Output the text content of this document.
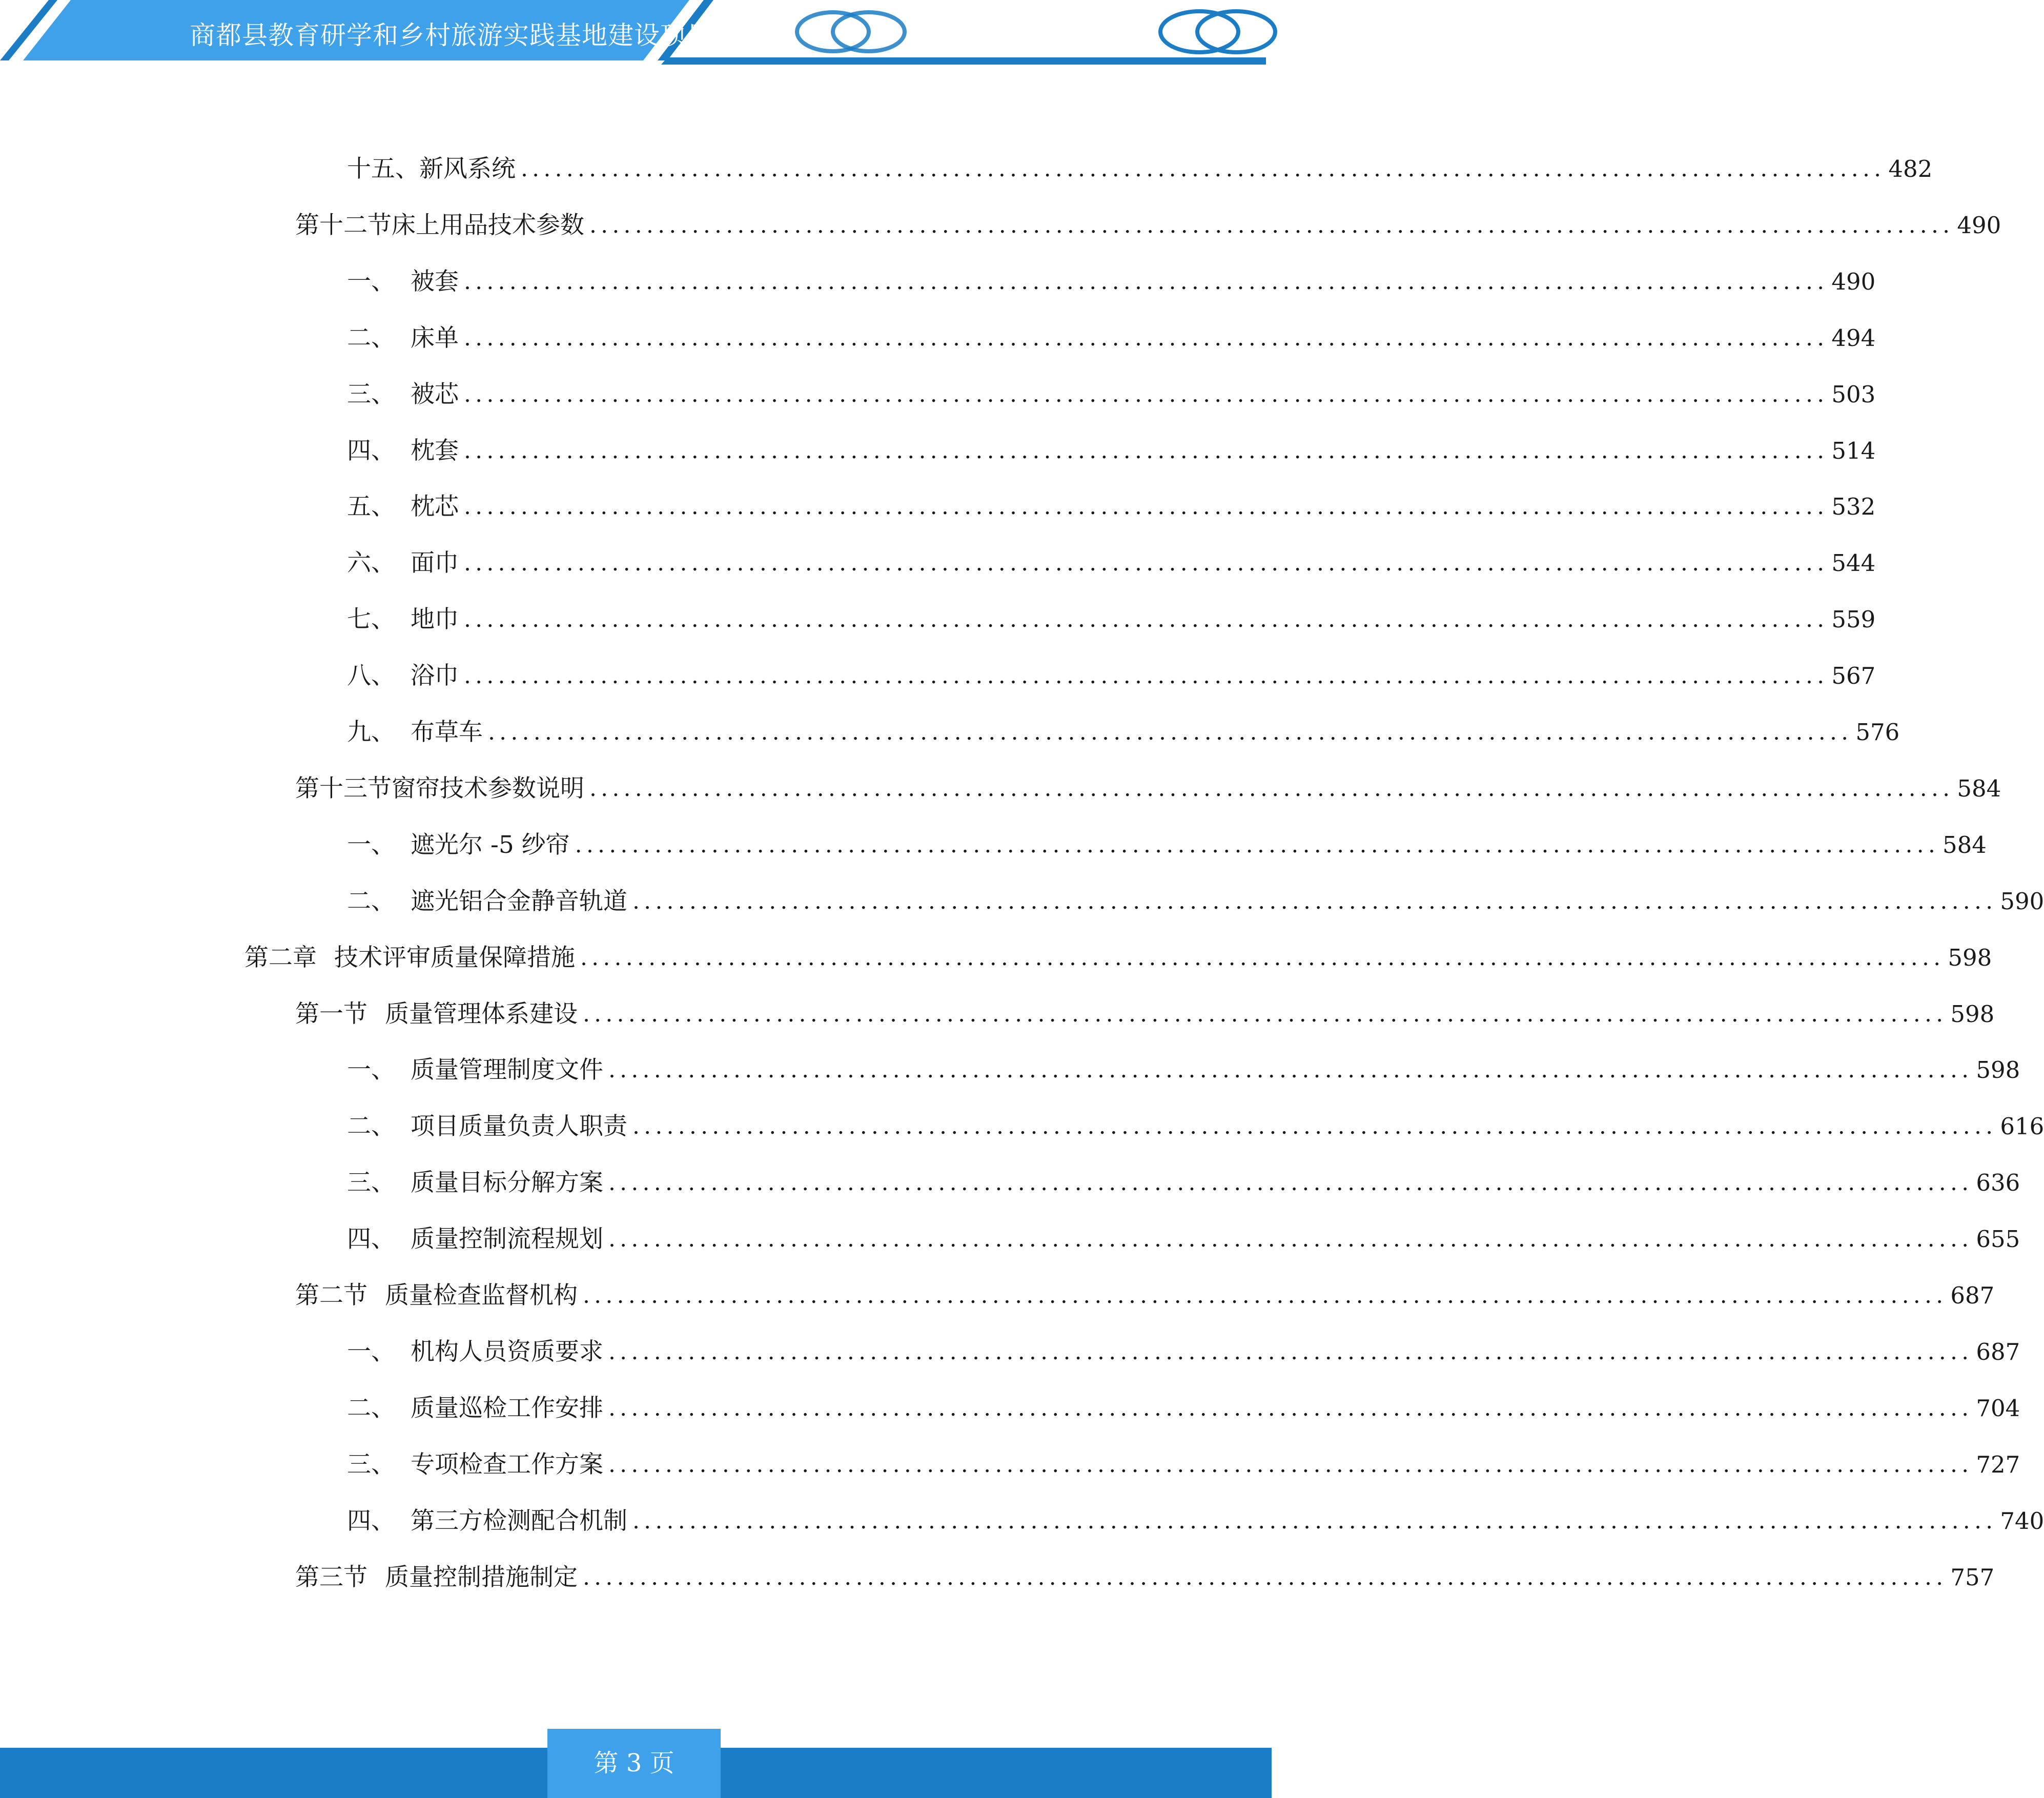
商都县教育研学和乡村旅游实践基地建设项目
十五、新风系统 ........................................................................................................................ 482
第十二节床上用品技术参数 ........................................................................................................................ 490
一、 被套 ........................................................................................................................ 490
二、 床单 ........................................................................................................................ 494
三、 被芯 ........................................................................................................................ 503
四、 枕套 ........................................................................................................................ 514
五、 枕芯 ........................................................................................................................ 532
六、 面巾 ........................................................................................................................ 544
七、 地巾 ........................................................................................................................ 559
八、 浴巾 ........................................................................................................................ 567
九、 布草车 ........................................................................................................................ 576
第十三节窗帘技术参数说明 ........................................................................................................................ 584
一、 遮光尔 -5 纱帘 ........................................................................................................................ 584
二、 遮光铝合金静音轨道 ........................................................................................................................ 590
第二章 技术评审质量保障措施 ........................................................................................................................ 598
第一节 质量管理体系建设 ........................................................................................................................ 598
一、 质量管理制度文件 ........................................................................................................................ 598
二、 项目质量负责人职责 ........................................................................................................................ 616
三、 质量目标分解方案 ........................................................................................................................ 636
四、 质量控制流程规划 ........................................................................................................................ 655
第二节 质量检查监督机构 ........................................................................................................................ 687
一、 机构人员资质要求 ........................................................................................................................ 687
二、 质量巡检工作安排 ........................................................................................................................ 704
三、 专项检查工作方案 ........................................................................................................................ 727
四、 第三方检测配合机制 ........................................................................................................................ 740
第三节 质量控制措施制定 ........................................................................................................................ 757
第 3 页
